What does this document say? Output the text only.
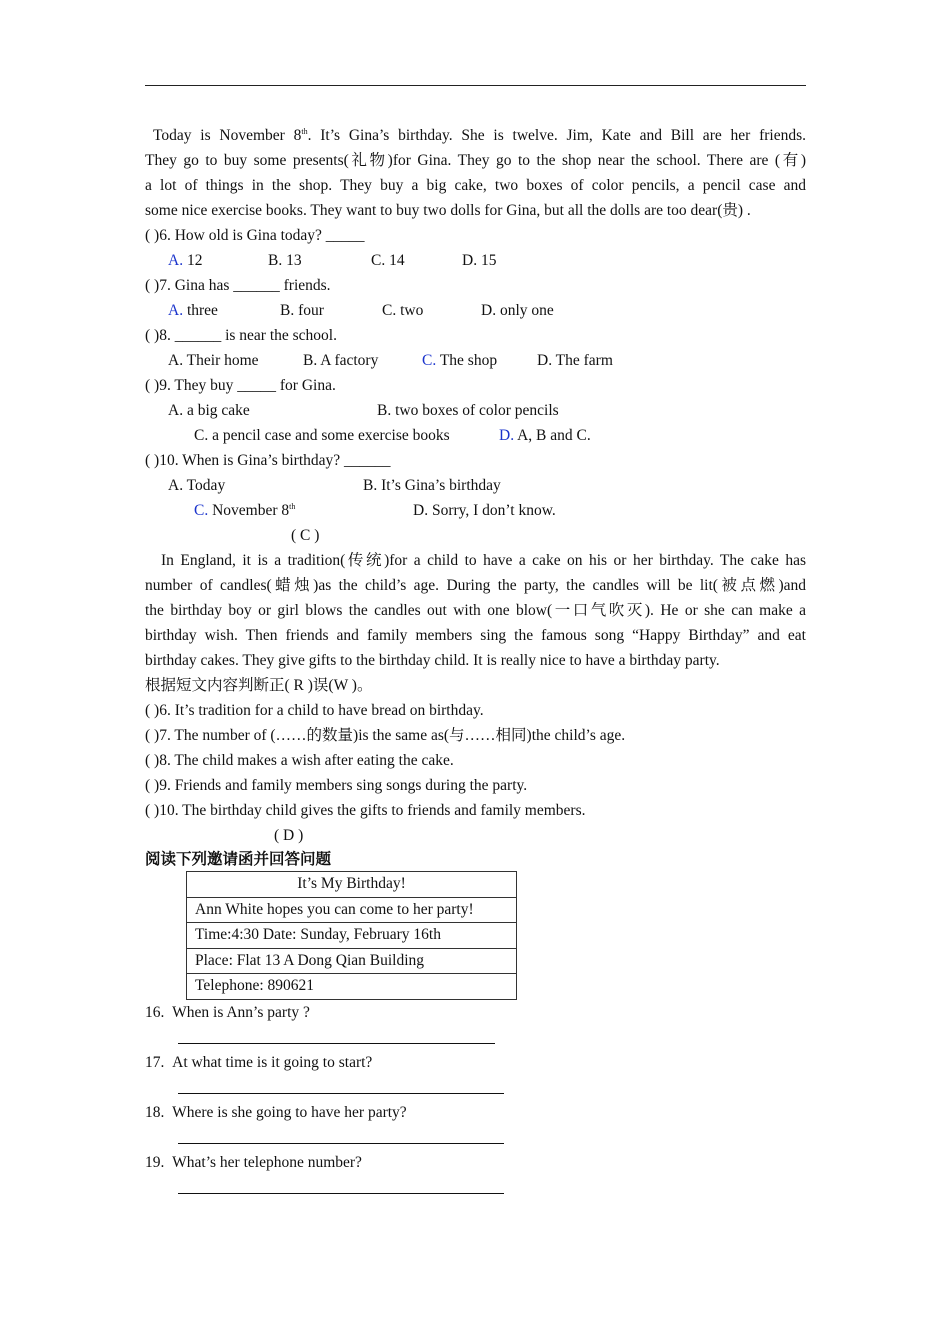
Today is November 8th. It’s Gina’s birthday. She is twelve. Jim, Kate and Bill are her friends.
They go to buy some presents(礼物)for Gina. They go to the shop near the school. There are (有)
a lot of things in the shop. They buy a big cake, two boxes of color pencils, a pencil case and
some nice exercise books. They want to buy two dolls for Gina, but all the dolls are too dear(贵) .
( )6. How old is Gina today? _____
A. 12	B. 13	C. 14	D. 15
( )7. Gina has ______ friends.
A. three	B. four	C. two	D. only one
( )8. ______ is near the school.
A. Their home	B. A factory	C. The shop	D. The farm
( )9. They buy _____ for Gina.
A. a big cake	B. two boxes of color pencils
C. a pencil case and some exercise books	D. A, B and C.
( )10. When is Gina’s birthday? ______
A. Today	B. It’s Gina’s birthday
C. November 8th	D. Sorry, I don’t know.
( C )
In England, it is a tradition(传统)for a child to have a cake on his or her birthday. The cake has
number of candles(蜡烛)as the child’s age. During the party, the candles will be lit(被点燃)and
the birthday boy or girl blows the candles out with one blow(一口气吹灭). He or she can make a
birthday wish. Then friends and family members sing the famous song “Happy Birthday” and eat
birthday cakes. They give gifts to the birthday child. It is really nice to have a birthday party.
根据短文内容判断正( R )误(W )。
( )6. It’s tradition for a child to have bread on birthday.
( )7. The number of (……的数量)is the same as(与……相同)the child’s age.
( )8. The child makes a wish after eating the cake.
( )9. Friends and family members sing songs during the party.
( )10. The birthday child gives the gifts to friends and family members.
( D )
阅读下列邀请函并回答问题
It’s My Birthday!
Ann White hopes you can come to her party!
Time:4:30 Date: Sunday, February 16th
Place: Flat 13 A Dong Qian Building
Telephone: 890621
16. When is Ann’s party ?
17. At what time is it going to start?
18. Where is she going to have her party?
19. What’s her telephone number?
